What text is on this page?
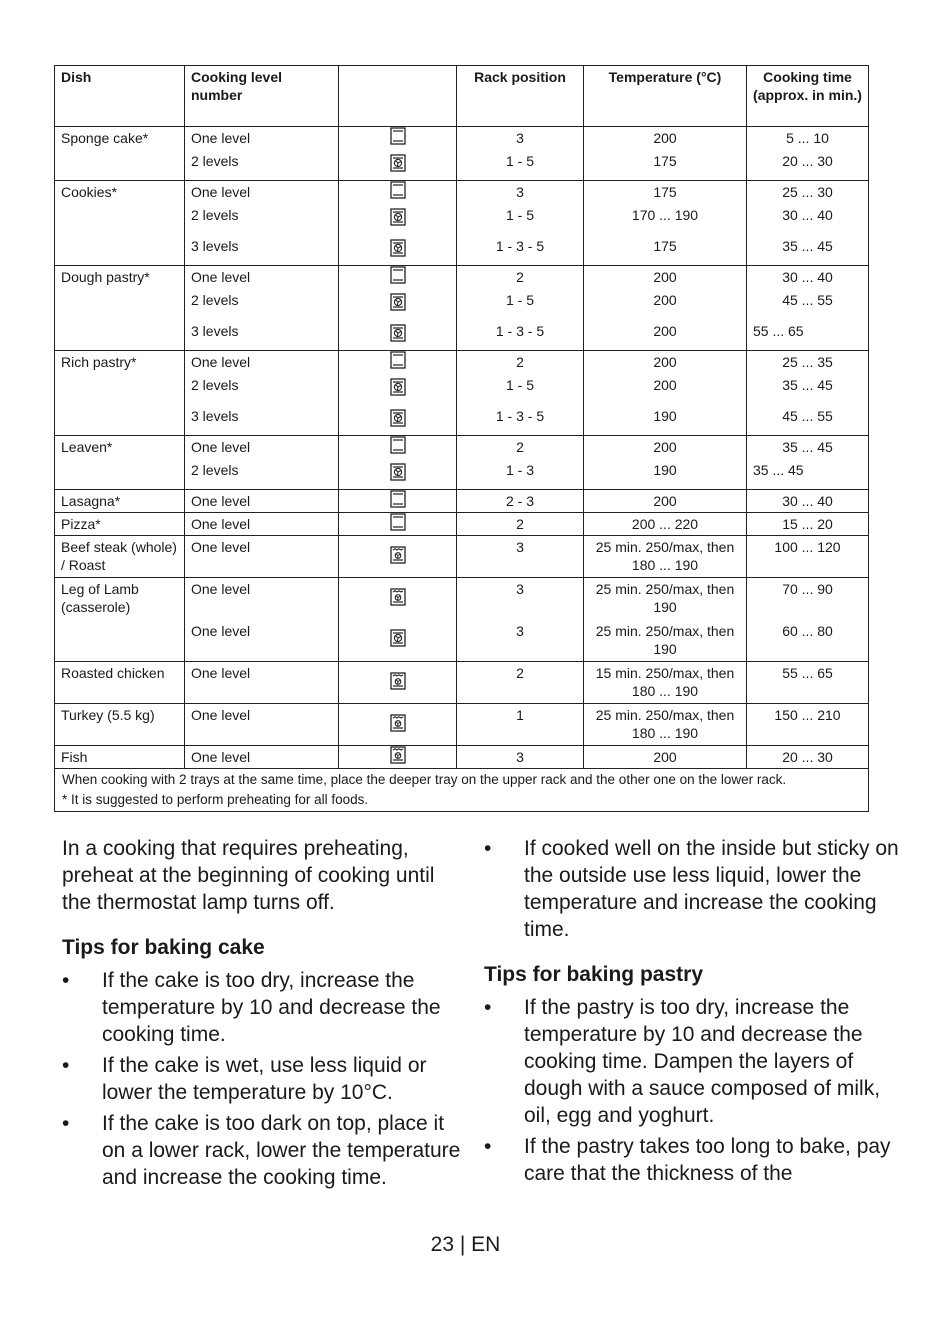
Dish	Cooking level number		Rack position	Temperature (°C)	Cooking time (approx. in min.)
Sponge cake*	One level		3	200	5 ... 10
	2 levels		1 - 5	175	20 ... 30
Cookies*	One level		3	175	25 ... 30
	2 levels		1 - 5	170 ... 190	30 ... 40
	3 levels		1 - 3 - 5	175	35 ... 45
Dough pastry*	One level		2	200	30 ... 40
	2 levels		1 - 5	200	45 ... 55
	3 levels		1 - 3 - 5	200	55 ... 65
Rich pastry*	One level		2	200	25 ... 35
	2 levels		1 - 5	200	35 ... 45
	3 levels		1 - 3 - 5	190	45 ... 55
Leaven*	One level		2	200	35 ... 45
	2 levels		1 - 3	190	35 ... 45
Lasagna*	One level		2 - 3	200	30 ... 40
Pizza*	One level		2	200 ... 220	15 ... 20
Beef steak (whole) / Roast	One level		3	25 min. 250/max, then 180 ... 190	100 ... 120
Leg of Lamb (casserole)	One level		3	25 min. 250/max, then 190	70 ... 90
	One level		3	25 min. 250/max, then 190	60 ... 80
Roasted chicken	One level		2	15 min. 250/max, then 180 ... 190	55 ... 65
Turkey (5.5 kg)	One level		1	25 min. 250/max, then 180 ... 190	150 ... 210
Fish	One level		3	200	20 ... 30

When cooking with 2 trays at the same time, place the deeper tray on the upper rack and the other one on the lower rack.
* It is suggested to perform preheating for all foods.					

In a cooking that requires preheating, preheat at the beginning of cooking until the thermostat lamp turns off.

Tips for baking cake
• If the cake is too dry, increase the temperature by 10 and decrease the cooking time.
• If the cake is wet, use less liquid or lower the temperature by 10°C.
• If the cake is too dark on top, place it on a lower rack, lower the temperature and increase the cooking time.
• If cooked well on the inside but sticky on the outside use less liquid, lower the temperature and increase the cooking time.
Tips for baking pastry
• If the pastry is too dry, increase the temperature by 10 and decrease the cooking time. Dampen the layers of dough with a sauce composed of milk, oil, egg and yoghurt.
• If the pastry takes too long to bake, pay care that the thickness of the
23 | EN
